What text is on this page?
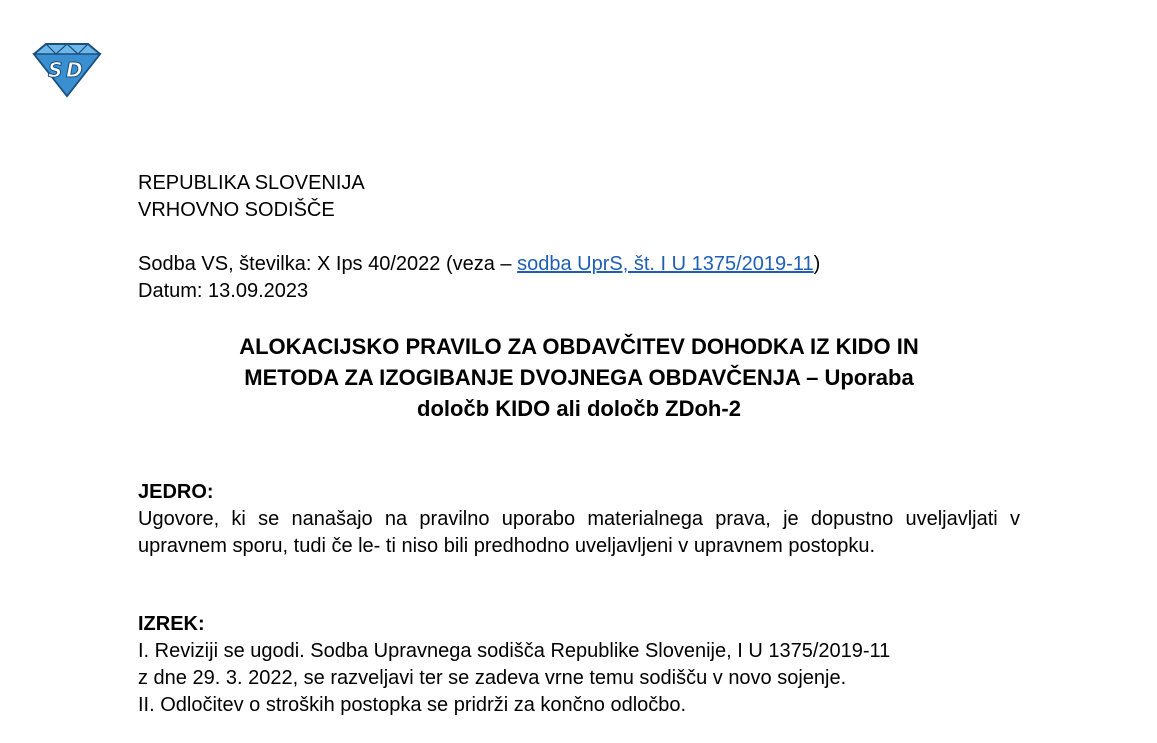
S D
REPUBLIKA SLOVENIJA
VRHOVNO SODIŠČE
Sodba VS, številka: X Ips 40/2022 (veza – sodba UprS, št. I U 1375/2019-11)
Datum: 13.09.2023
ALOKACIJSKO PRAVILO ZA OBDAVČITEV DOHODKA IZ KIDO IN
METODA ZA IZOGIBANJE DVOJNEGA OBDAVČENJA – Uporaba
določb KIDO ali določb ZDoh-2
JEDRO:
Ugovore, ki se nanašajo na pravilno uporabo materialnega prava, je dopustno uveljavljati v upravnem sporu, tudi če le- ti niso bili predhodno uveljavljeni v upravnem postopku.
IZREK:
I. Reviziji se ugodi. Sodba Upravnega sodišča Republike Slovenije, I U 1375/2019-11
z dne 29. 3. 2022, se razveljavi ter se zadeva vrne temu sodišču v novo sojenje.
II. Odločitev o stroških postopka se pridrži za končno odločbo.
